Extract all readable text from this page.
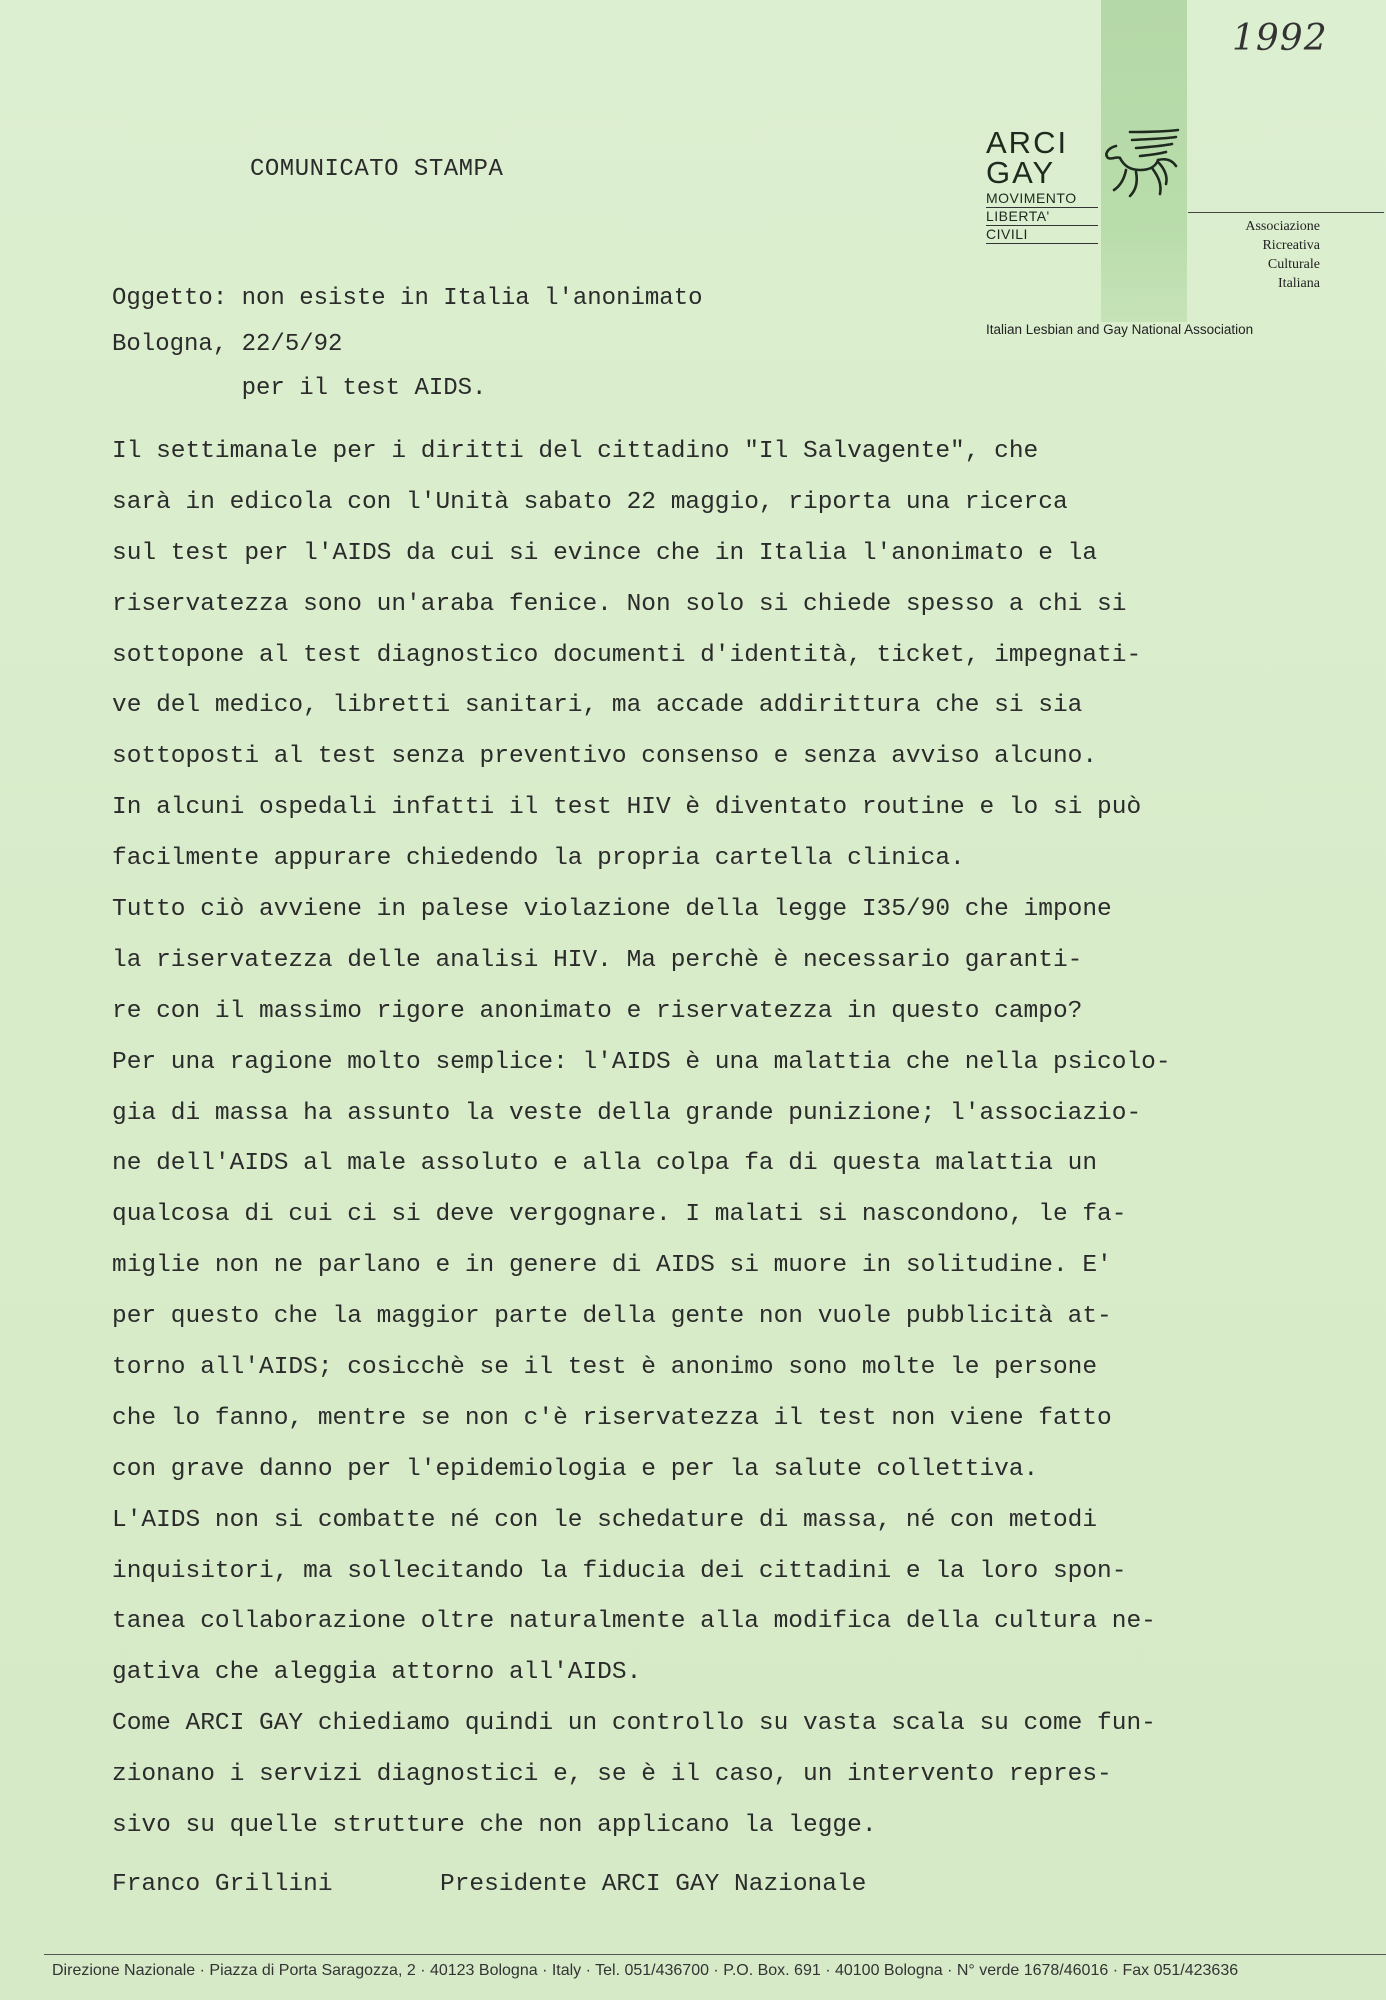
1992
ARCI
GAY
MOVIMENTO
LIBERTA'
CIVILI	Associazione
Ricreativa
Culturale
Italiana
Italian Lesbian and Gay National Association
COMUNICATO STAMPA

Oggetto: non esiste in Italia l'anonimato

per il test AIDS.

Bologna, 22/5/92
Il settimanale per i diritti del cittadino "Il Salvagente", che
sarà in edicola con l'Unità sabato 22 maggio, riporta una ricerca
sul test per l'AIDS da cui si evince che in Italia l'anonimato e la
riservatezza sono un'araba fenice. Non solo si chiede spesso a chi si
sottopone al test diagnostico documenti d'identità, ticket, impegnati-
ve del medico, libretti sanitari, ma accade addirittura che si sia
sottoposti al test senza preventivo consenso e senza avviso alcuno.
In alcuni ospedali infatti il test HIV è diventato routine e lo si può
facilmente appurare chiedendo la propria cartella clinica.
Tutto ciò avviene in palese violazione della legge I35/90 che impone
la riservatezza delle analisi HIV. Ma perchè è necessario garanti-
re con il massimo rigore anonimato e riservatezza in questo campo?
Per una ragione molto semplice: l'AIDS è una malattia che nella psicolo-
gia di massa ha assunto la veste della grande punizione; l'associazio-
ne dell'AIDS al male assoluto e alla colpa fa di questa malattia un
qualcosa di cui ci si deve vergognare. I malati si nascondono, le fa-
miglie non ne parlano e in genere di AIDS si muore in solitudine. E'
per questo che la maggior parte della gente non vuole pubblicità at-
torno all'AIDS; cosicchè se il test è anonimo sono molte le persone
che lo fanno, mentre se non c'è riservatezza il test non viene fatto
con grave danno per l'epidemiologia e per la salute collettiva.
L'AIDS non si combatte né con le schedature di massa, né con metodi
inquisitori, ma sollecitando la fiducia dei cittadini e la loro spon-
tanea collaborazione oltre naturalmente alla modifica della cultura ne-
gativa che aleggia attorno all'AIDS.
Come ARCI GAY chiediamo quindi un controllo su vasta scala su come fun-
zionano i servizi diagnostici e, se è il caso, un intervento repres-
sivo su quelle strutture che non applicano la legge.
Franco Grillini	Presidente ARCI GAY Nazionale
Direzione Nazionale · Piazza di Porta Saragozza, 2 · 40123 Bologna · Italy · Tel. 051/436700 · P.O. Box. 691 · 40100 Bologna · N° verde 1678/46016 · Fax 051/423636
